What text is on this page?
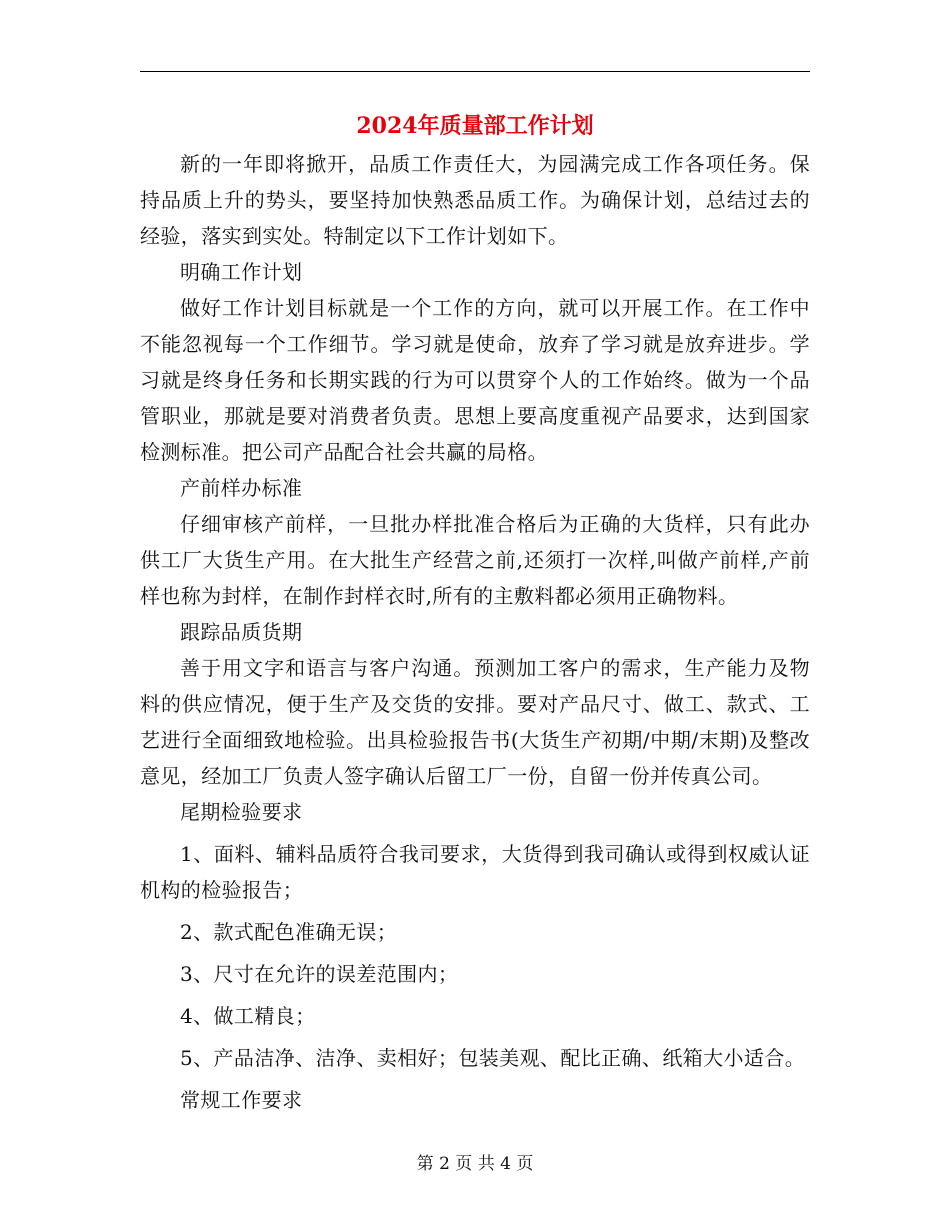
2024年质量部工作计划

新的一年即将掀开，品质工作责任大，为园满完成工作各项任务。保持品质上升的势头，要坚持加快熟悉品质工作。为确保计划，总结过去的经验，落实到实处。特制定以下工作计划如下。

明确工作计划

做好工作计划目标就是一个工作的方向，就可以开展工作。在工作中不能忽视每一个工作细节。学习就是使命，放弃了学习就是放弃进步。学习就是终身任务和长期实践的行为可以贯穿个人的工作始终。做为一个品管职业，那就是要对消费者负责。思想上要高度重视产品要求，达到国家检测标准。把公司产品配合社会共赢的局格。

产前样办标准

仔细审核产前样，一旦批办样批准合格后为正确的大货样，只有此办供工厂大货生产用。在大批生产经营之前,还须打一次样,叫做产前样,产前样也称为封样，在制作封样衣时,所有的主敷料都必须用正确物料。

跟踪品质货期

善于用文字和语言与客户沟通。预测加工客户的需求，生产能力及物料的供应情况，便于生产及交货的安排。要对产品尺寸、做工、款式、工艺进行全面细致地检验。出具检验报告书(大货生产初期/中期/末期)及整改意见，经加工厂负责人签字确认后留工厂一份，自留一份并传真公司。

尾期检验要求

1、面料、辅料品质符合我司要求，大货得到我司确认或得到权威认证机构的检验报告；

2、款式配色准确无误；

3、尺寸在允许的误差范围内；

4、做工精良；

5、产品洁净、洁净、卖相好；包装美观、配比正确、纸箱大小适合。

常规工作要求

第 2 页 共 4 页
